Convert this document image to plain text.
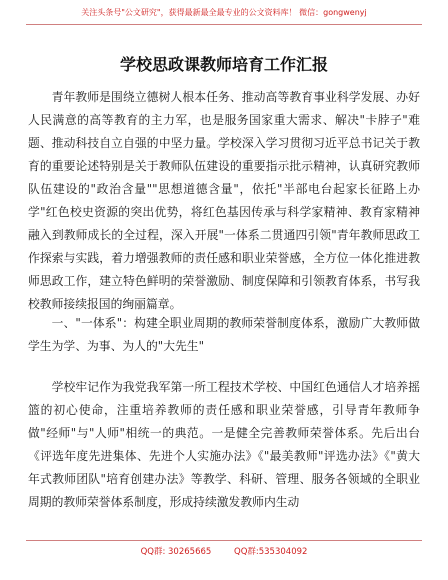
关注头条号"公文研究"，获得最新最全最专业的公文资料库！ 微信：gongwenyj
学校思政课教师培育工作汇报
青年教师是围绕立德树人根本任务、推动高等教育事业科学发展、办好人民满意的高等教育的主力军，也是服务国家重大需求、解决"卡脖子"难题、推动科技自立自强的中坚力量。学校深入学习贯彻习近平总书记关于教育的重要论述特别是关于教师队伍建设的重要指示批示精神，认真研究教师队伍建设的"政治含量""思想道德含量"，依托"半部电台起家长征路上办学"红色校史资源的突出优势，将红色基因传承与科学家精神、教育家精神融入到教师成长的全过程，深入开展"一体系二贯通四引领"青年教师思政工作探索与实践，着力增强教师的责任感和职业荣誉感，全方位一体化推进教师思政工作，建立特色鲜明的荣誉激励、制度保障和引领教育体系，书写我校教师接续报国的绚丽篇章。
一、"一体系"：构建全职业周期的教师荣誉制度体系，激励广大教师做学生为学、为事、为人的"大先生"
学校牢记作为我党我军第一所工程技术学校、中国红色通信人才培养摇篮的初心使命，注重培养教师的责任感和职业荣誉感，引导青年教师争做"经师"与"人师"相统一的典范。一是健全完善教师荣誉体系。先后出台《评选年度先进集体、先进个人实施办法》《"最美教师"评选办法》《"黄大年式教师团队"培育创建办法》等教学、科研、管理、服务各领域的全职业周期的教师荣誉体系制度，形成持续激发教师内生动
QQ群: 30265665	QQ群:535304092
